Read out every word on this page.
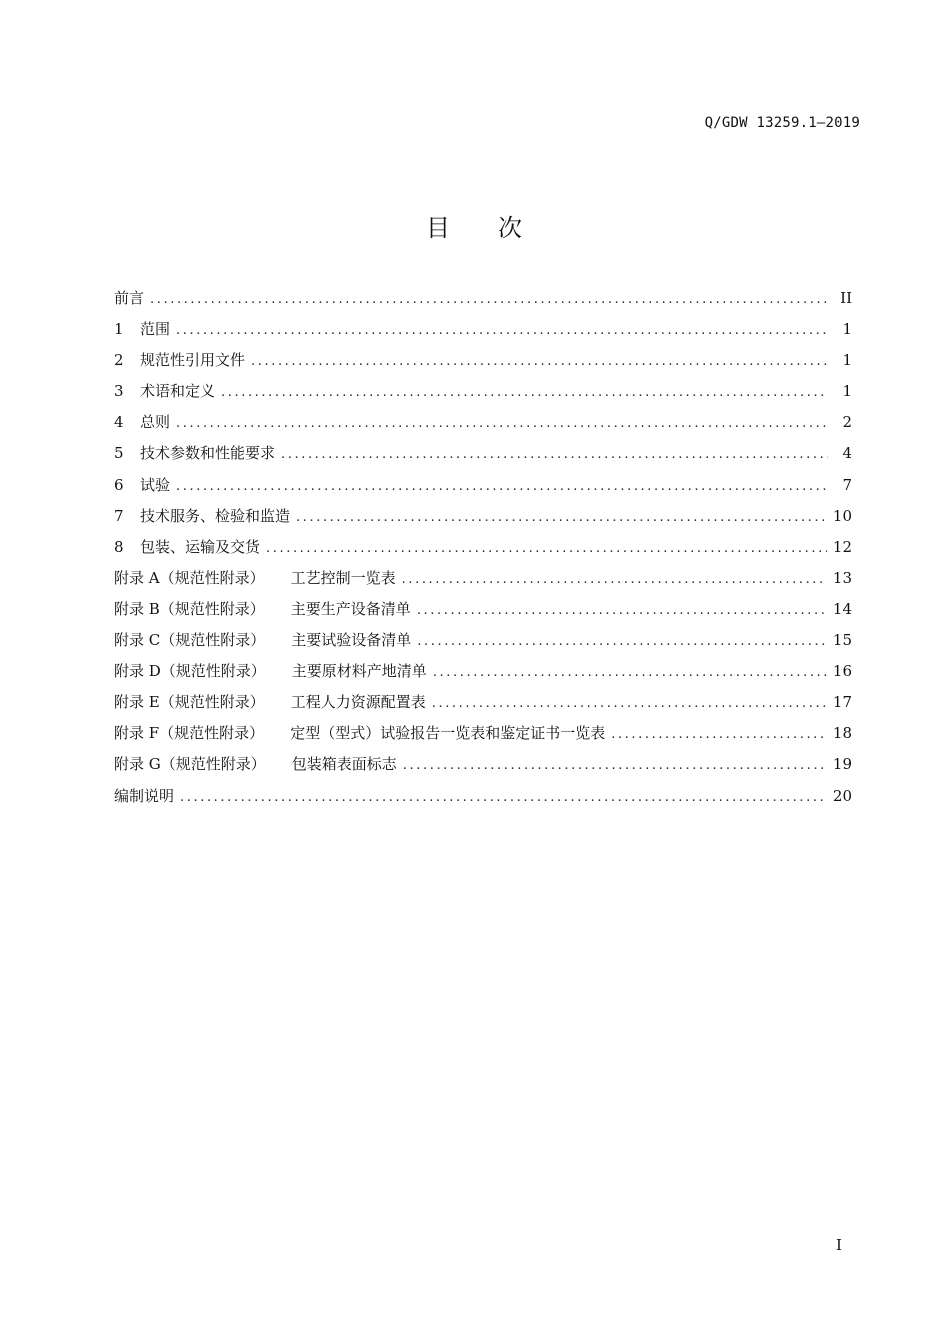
Q/GDW 13259.1—2019
目 次
前言 .....	II
1	范围 .....	1
2	规范性引用文件 .....	1
3	术语和定义 .....	1
4	总则 .....	2
5	技术参数和性能要求 .....	4
6	试验 .....	7
7	技术服务、检验和监造 .....	10
8	包装、运输及交货 .....	12
附录 A（规范性附录） 工艺控制一览表 .....	13
附录 B（规范性附录） 主要生产设备清单 .....	14
附录 C（规范性附录） 主要试验设备清单 .....	15
附录 D（规范性附录） 主要原材料产地清单 .....	16
附录 E（规范性附录） 工程人力资源配置表 .....	17
附录 F（规范性附录） 定型（型式）试验报告一览表和鉴定证书一览表 .....	18
附录 G（规范性附录） 包装箱表面标志 .....	19
编制说明 .....	20
I
